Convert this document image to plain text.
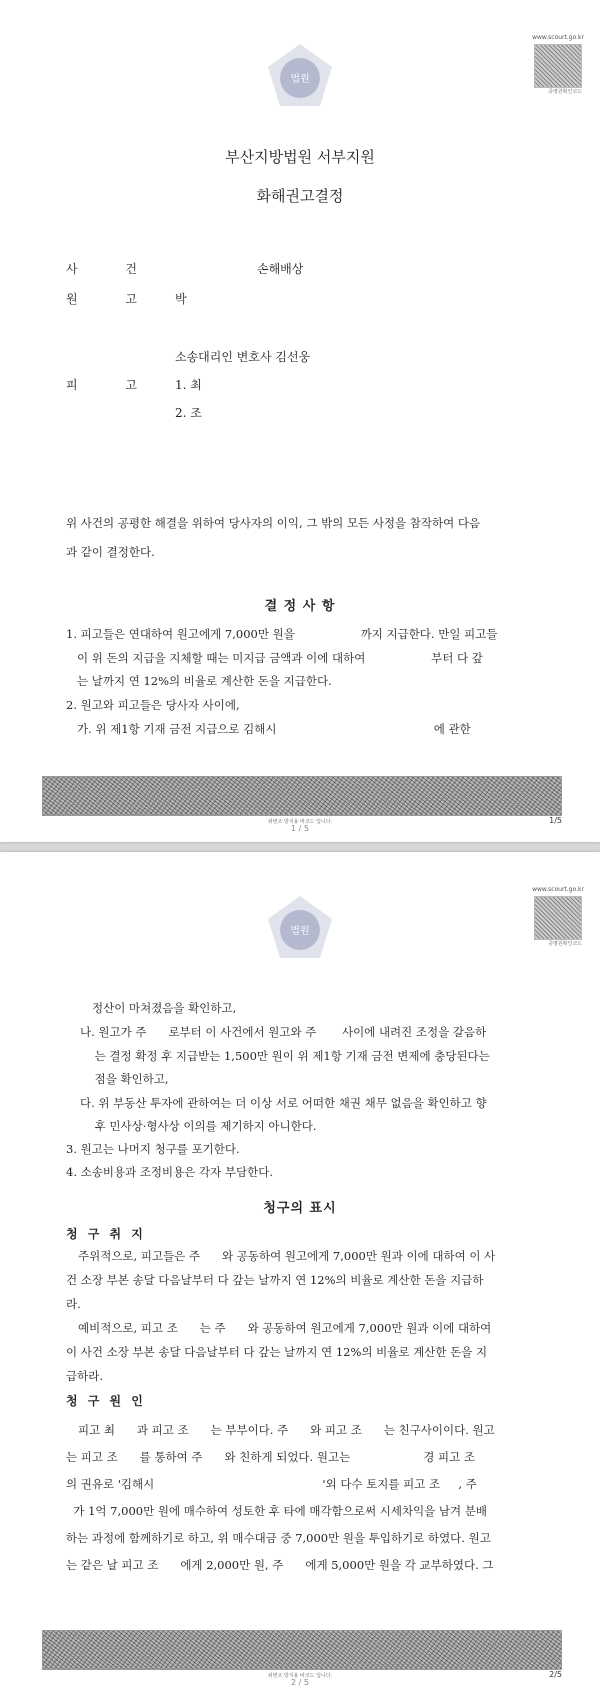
법원
www.scourt.go.kr
증명원확인코드
부산지방법원 서부지원
화해권고결정
사 건	손해배상
원 고 박
소송대리인 변호사 김선웅
피 고 1. 최
2. 조
위 사건의 공평한 해결을 위하여 당사자의 이익, 그 밖의 모든 사정을 참작하여 다음
과 같이 결정한다.
결 정 사 항
1. 피고들은 연대하여 원고에게 7,000만 원을                  까지 지급한다. 만일 피고들
이 위 돈의 지급을 지체할 때는 미지급 금액과 이에 대하여                  부터 다 갚
는 날까지 연 12%의 비율로 계산한 돈을 지급한다.
2. 원고와 피고들은 당사자 사이에,
가. 위 제1항 기재 금전 지급으로 김해시                                           에 관한
위변조 방지용 바코드 입니다.
1 / 5
1/5
법원
www.scourt.go.kr
증명원확인코드
정산이 마쳐졌음을 확인하고,
나. 원고가 주      로부터 이 사건에서 원고와 주       사이에 내려진 조정을 갈음하
는 결정 확정 후 지급받는 1,500만 원이 위 제1항 기재 금전 변제에 충당된다는
점을 확인하고,
다. 위 부동산 투자에 관하여는 더 이상 서로 어떠한 채권 채무 없음을 확인하고 향
후 민사상·형사상 이의를 제기하지 아니한다.
3. 원고는 나머지 청구를 포기한다.
4. 소송비용과 조정비용은 각자 부담한다.
청구의 표시
청 구 취 지
주위적으로, 피고들은 주      와 공동하여 원고에게 7,000만 원과 이에 대하여 이 사
건 소장 부본 송달 다음날부터 다 갚는 날까지 연 12%의 비율로 계산한 돈을 지급하
라.
예비적으로, 피고 조      는 주      와 공동하여 원고에게 7,000만 원과 이에 대하여
이 사건 소장 부본 송달 다음날부터 다 갚는 날까지 연 12%의 비율로 계산한 돈을 지
급하라.
청 구 원 인
피고 최      과 피고 조      는 부부이다. 주      와 피고 조      는 친구사이이다. 원고
는 피고 조      를 통하여 주      와 친하게 되었다. 원고는                    경 피고 조
의 권유로 '김해시                                              '외 다수 토지를 피고 조     , 주
가 1억 7,000만 원에 매수하여 성토한 후 타에 매각함으로써 시세차익을 남겨 분배
하는 과정에 함께하기로 하고, 위 매수대금 중 7,000만 원을 투입하기로 하였다. 원고
는 같은 날 피고 조      에게 2,000만 원, 주      에게 5,000만 원을 각 교부하였다. 그
위변조 방지용 바코드 입니다.
2 / 5
2/5
